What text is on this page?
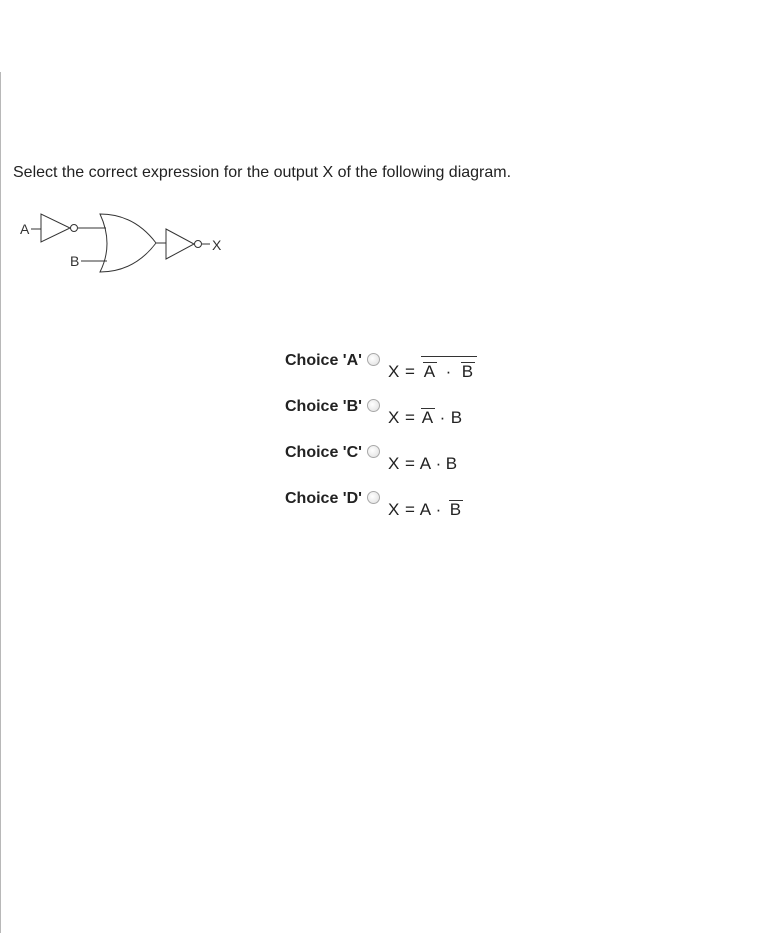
Select the correct expression for the output X of the following diagram.
A
B
X
Choice 'A'
X = A · B
Choice 'B'
X = A · B
Choice 'C'
X = A · B
Choice 'D'
X = A · B
